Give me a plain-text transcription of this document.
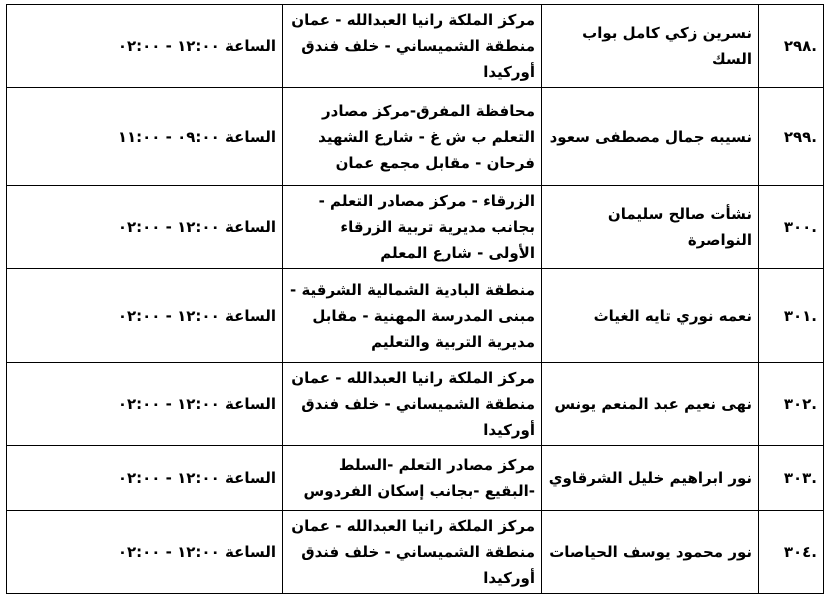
.٢٩٨	نسرين زكي كامل بواب السك	مركز الملكة رانيا العبدالله - عمان منطقة الشميساني - خلف فندق أوركيدا	الساعة ١٢:٠٠ - ٠٢:٠٠
.٢٩٩	نسيبه جمال مصطفى سعود	محافظة المفرق-مركز مصادر التعلم ب ش غ - شارع الشهيد فرحان - مقابل مجمع عمان	الساعة ٠٩:٠٠ - ١١:٠٠
.٣٠٠	نشأت صالح سليمان النواصرة	الزرقاء - مركز مصادر التعلم - بجانب مديرية تربية الزرقاء الأولى - شارع المعلم	الساعة ١٢:٠٠ - ٠٢:٠٠
.٣٠١	نعمه نوري تايه الغياث	منطقة البادية الشمالية الشرقية - مبنى المدرسة المهنية - مقابل مديرية التربية والتعليم	الساعة ١٢:٠٠ - ٠٢:٠٠
.٣٠٢	نهى نعيم عبد المنعم يونس	مركز الملكة رانيا العبدالله - عمان منطقة الشميساني - خلف فندق أوركيدا	الساعة ١٢:٠٠ - ٠٢:٠٠
.٣٠٣	نور ابراهيم خليل الشرقاوي	مركز مصادر التعلم -السلط -البقيع -بجانب إسكان الفردوس	الساعة ١٢:٠٠ - ٠٢:٠٠
.٣٠٤	نور محمود يوسف الحياصات	مركز الملكة رانيا العبدالله - عمان منطقة الشميساني - خلف فندق أوركيدا	الساعة ١٢:٠٠ - ٠٢:٠٠
